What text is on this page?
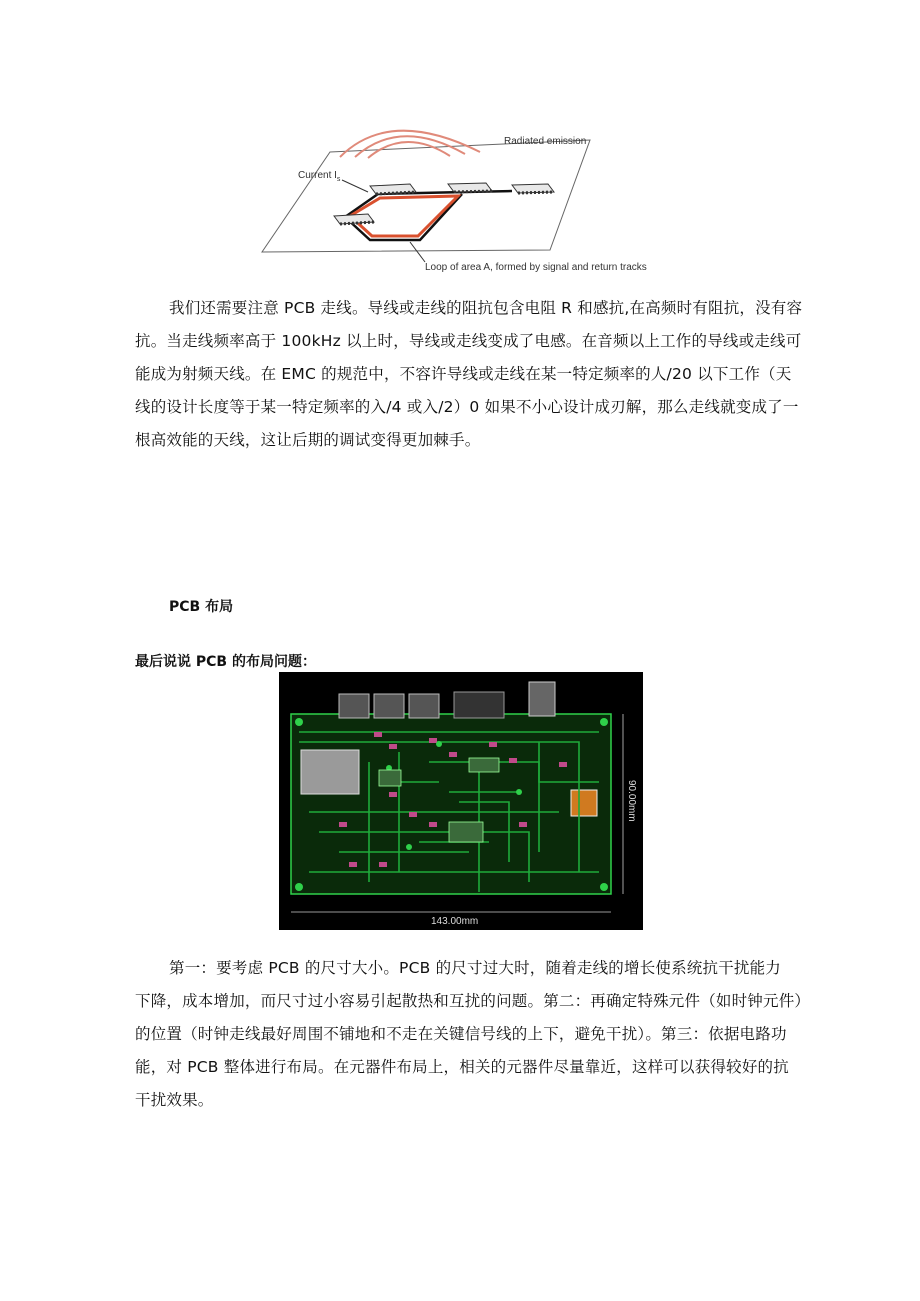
Radiated emission
Current $I_s$
Loop of area A, formed by signal and return tracks
我们还需要注意 PCB 走线。导线或走线的阻抗包含电阻 R 和感抗,在高频时有阻抗，没有容
抗。当走线频率高于 100kHz 以上时，导线或走线变成了电感。在音频以上工作的导线或走线可
能成为射频天线。在 EMC 的规范中，不容许导线或走线在某一特定频率的人/20 以下工作（天
线的设计长度等于某一特定频率的入/4 或入/2）0 如果不小心设计成刃解，那么走线就变成了一
根高效能的天线，这让后期的调试变得更加棘手。
PCB 布局
最后说说 PCB 的布局问题：
143.00mm
90.00mm
第一：要考虑 PCB 的尺寸大小。PCB 的尺寸过大时，随着走线的增长使系统抗干扰能力
下降，成本增加，而尺寸过小容易引起散热和互扰的问题。第二：再确定特殊元件（如时钟元件）
的位置（时钟走线最好周围不铺地和不走在关键信号线的上下，避免干扰）。第三：依据电路功
能，对 PCB 整体进行布局。在元器件布局上，相关的元器件尽量靠近，这样可以获得较好的抗
干扰效果。
